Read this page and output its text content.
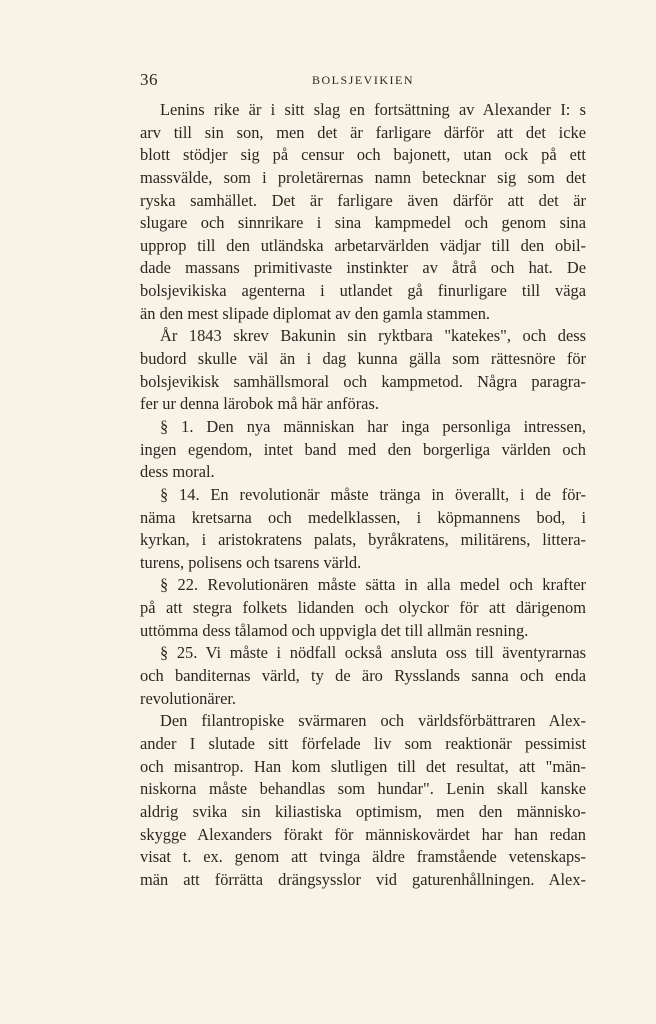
36	BOLSJEVIKIEN
Lenins rike är i sitt slag en fortsättning av Alexander I: s
arv till sin son, men det är farligare därför att det icke
blott stödjer sig på censur och bajonett, utan ock på ett
massvälde, som i proletärernas namn betecknar sig som det
ryska samhället. Det är farligare även därför att det är
slugare och sinnrikare i sina kampmedel och genom sina
upprop till den utländska arbetarvärlden vädjar till den obil-
dade massans primitivaste instinkter av åtrå och hat. De
bolsjevikiska agenterna i utlandet gå finurligare till väga
än den mest slipade diplomat av den gamla stammen.
År 1843 skrev Bakunin sin ryktbara "katekes", och dess
budord skulle väl än i dag kunna gälla som rättesnöre för
bolsjevikisk samhällsmoral och kampmetod. Några paragra-
fer ur denna lärobok må här anföras.
§ 1. Den nya människan har inga personliga intressen,
ingen egendom, intet band med den borgerliga världen och
dess moral.
§ 14. En revolutionär måste tränga in överallt, i de för-
näma kretsarna och medelklassen, i köpmannens bod, i
kyrkan, i aristokratens palats, byråkratens, militärens, littera-
turens, polisens och tsarens värld.
§ 22. Revolutionären måste sätta in alla medel och krafter
på att stegra folkets lidanden och olyckor för att därigenom
uttömma dess tålamod och uppvigla det till allmän resning.
§ 25. Vi måste i nödfall också ansluta oss till äventyrarnas
och banditernas värld, ty de äro Rysslands sanna och enda
revolutionärer.
Den filantropiske svärmaren och världsförbättraren Alex-
ander I slutade sitt förfelade liv som reaktionär pessimist
och misantrop. Han kom slutligen till det resultat, att "män-
niskorna måste behandlas som hundar". Lenin skall kanske
aldrig svika sin kiliastiska optimism, men den människo-
skygge Alexanders förakt för människovärdet har han redan
visat t. ex. genom att tvinga äldre framstående vetenskaps-
män att förrätta drängsysslor vid gaturenhållningen. Alex-
